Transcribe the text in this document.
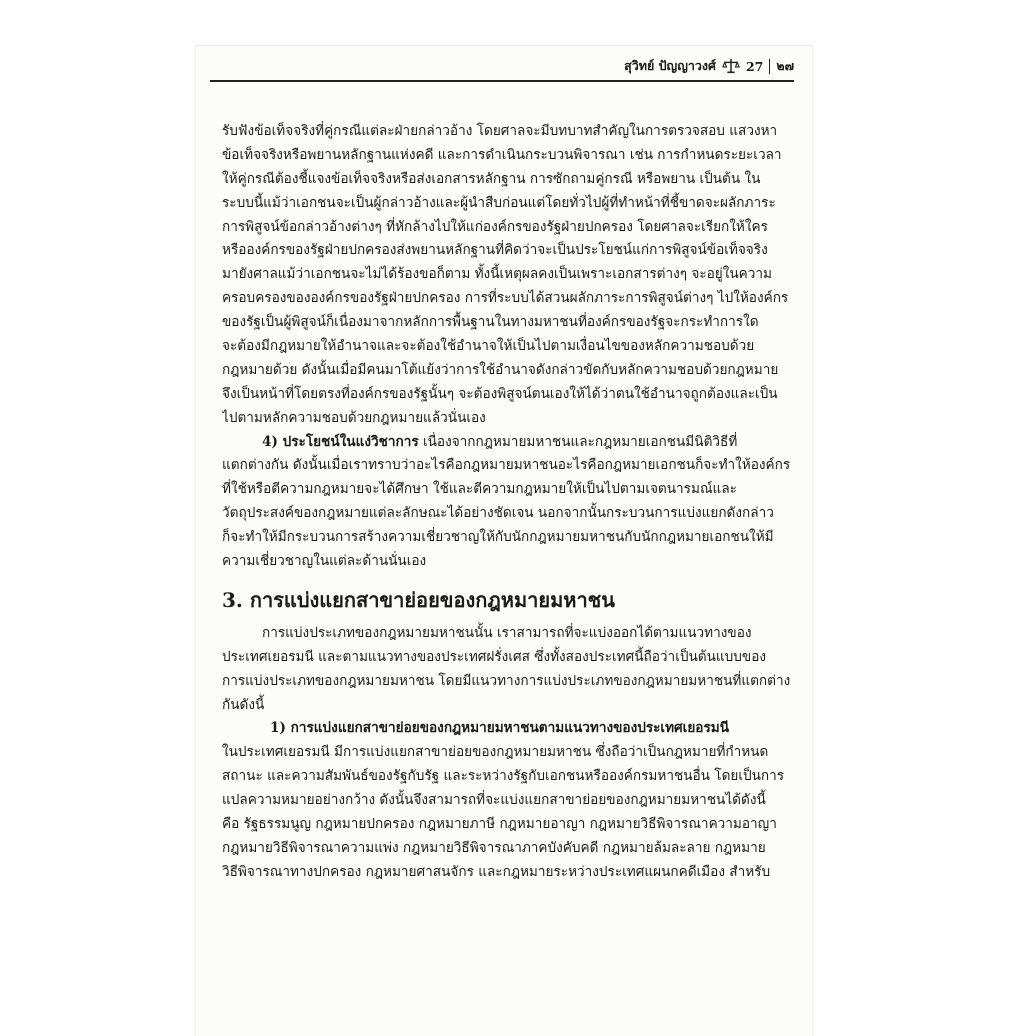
สุวิทย์ ปัญญาวงศ์ 27 ๒๗
รับฟังข้อเท็จจริงที่คู่กรณีแต่ละฝ่ายกล่าวอ้าง โดยศาลจะมีบทบาทสำคัญในการตรวจสอบ แสวงหา
ข้อเท็จจริงหรือพยานหลักฐานแห่งคดี และการดำเนินกระบวนพิจารณา เช่น การกำหนดระยะเวลา
ให้คู่กรณีต้องชี้แจงข้อเท็จจริงหรือส่งเอกสารหลักฐาน การซักถามคู่กรณี หรือพยาน เป็นต้น ใน
ระบบนี้แม้ว่าเอกชนจะเป็นผู้กล่าวอ้างและผู้นำสืบก่อนแต่โดยทั่วไปผู้ที่ทำหน้าที่ชี้ขาดจะผลักภาระ
การพิสูจน์ข้อกล่าวอ้างต่างๆ ที่หักล้างไปให้แก่องค์กรของรัฐฝ่ายปกครอง โดยศาลจะเรียกให้ใคร
หรือองค์กรของรัฐฝ่ายปกครองส่งพยานหลักฐานที่คิดว่าจะเป็นประโยชน์แก่การพิสูจน์ข้อเท็จจริง
มายังศาลแม้ว่าเอกชนจะไม่ได้ร้องขอก็ตาม ทั้งนี้เหตุผลคงเป็นเพราะเอกสารต่างๆ จะอยู่ในความ
ครอบครองขององค์กรของรัฐฝ่ายปกครอง การที่ระบบได้สวนผลักภาระการพิสูจน์ต่างๆ ไปให้องค์กร
ของรัฐเป็นผู้พิสูจน์ก็เนื่องมาจากหลักการพื้นฐานในทางมหาชนที่องค์กรของรัฐจะกระทำการใด
จะต้องมีกฎหมายให้อำนาจและจะต้องใช้อำนาจให้เป็นไปตามเงื่อนไขของหลักความชอบด้วย
กฎหมายด้วย ดังนั้นเมื่อมีคนมาโต้แย้งว่าการใช้อำนาจดังกล่าวขัดกับหลักความชอบด้วยกฎหมาย
จึงเป็นหน้าที่โดยตรงที่องค์กรของรัฐนั้นๆ จะต้องพิสูจน์ตนเองให้ได้ว่าตนใช้อำนาจถูกต้องและเป็น
ไปตามหลักความชอบด้วยกฎหมายแล้วนั่นเอง
4) ประโยชน์ในแง่วิชาการ เนื่องจากกฎหมายมหาชนและกฎหมายเอกชนมีนิติวิธีที่
แตกต่างกัน ดังนั้นเมื่อเราทราบว่าอะไรคือกฎหมายมหาชนอะไรคือกฎหมายเอกชนก็จะทำให้องค์กร
ที่ใช้หรือตีความกฎหมายจะได้ศึกษา ใช้และตีความกฎหมายให้เป็นไปตามเจตนารมณ์และ
วัตถุประสงค์ของกฎหมายแต่ละลักษณะได้อย่างชัดเจน นอกจากนั้นกระบวนการแบ่งแยกดังกล่าว
ก็จะทำให้มีกระบวนการสร้างความเชี่ยวชาญให้กับนักกฎหมายมหาชนกับนักกฎหมายเอกชนให้มี
ความเชี่ยวชาญในแต่ละด้านนั่นเอง
3. การแบ่งแยกสาขาย่อยของกฎหมายมหาชน
การแบ่งประเภทของกฎหมายมหาชนนั้น เราสามารถที่จะแบ่งออกได้ตามแนวทางของ
ประเทศเยอรมนี และตามแนวทางของประเทศฝรั่งเศส ซึ่งทั้งสองประเทศนี้ถือว่าเป็นต้นแบบของ
การแบ่งประเภทของกฎหมายมหาชน โดยมีแนวทางการแบ่งประเภทของกฎหมายมหาชนที่แตกต่าง
กันดังนี้
1) การแบ่งแยกสาขาย่อยของกฎหมายมหาชนตามแนวทางของประเทศเยอรมนี
ในประเทศเยอรมนี มีการแบ่งแยกสาขาย่อยของกฎหมายมหาชน ซึ่งถือว่าเป็นกฎหมายที่กำหนด
สถานะ และความสัมพันธ์ของรัฐกับรัฐ และระหว่างรัฐกับเอกชนหรือองค์กรมหาชนอื่น โดยเป็นการ
แปลความหมายอย่างกว้าง ดังนั้นจึงสามารถที่จะแบ่งแยกสาขาย่อยของกฎหมายมหาชนได้ดังนี้
คือ รัฐธรรมนูญ กฎหมายปกครอง กฎหมายภาษี กฎหมายอาญา กฎหมายวิธีพิจารณาความอาญา
กฎหมายวิธีพิจารณาความแพ่ง กฎหมายวิธีพิจารณาภาคบังคับคดี กฎหมายล้มละลาย กฎหมาย
วิธีพิจารณาทางปกครอง กฎหมายศาสนจักร และกฎหมายระหว่างประเทศแผนกคดีเมือง สำหรับ
